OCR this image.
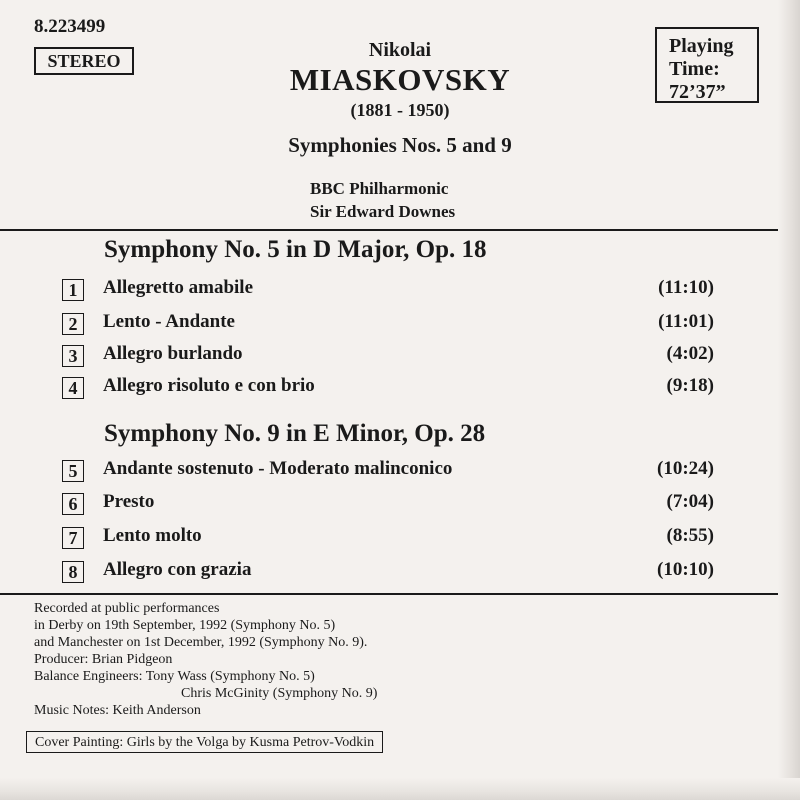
8.223499
STEREO
Playing
Time:
72’37”
Nikolai
MIASKOVSKY
(1881 - 1950)
Symphonies Nos. 5 and 9
BBC Philharmonic
Sir Edward Downes
Symphony No. 5 in D Major, Op. 18
1	Allegretto amabile	(11:10)
2	Lento - Andante	(11:01)
3	Allegro burlando	(4:02)
4	Allegro risoluto e con brio	(9:18)
Symphony No. 9 in E Minor, Op. 28
5	Andante sostenuto - Moderato malinconico	(10:24)
6	Presto	(7:04)
7	Lento molto	(8:55)
8	Allegro con grazia	(10:10)
Recorded at public performances
in Derby on 19th September, 1992 (Symphony No. 5)
and Manchester on 1st December, 1992 (Symphony No. 9).
Producer: Brian Pidgeon
Balance Engineers: Tony Wass (Symphony No. 5)
Chris McGinity (Symphony No. 9)
Music Notes: Keith Anderson
Cover Painting: Girls by the Volga by Kusma Petrov-Vodkin
